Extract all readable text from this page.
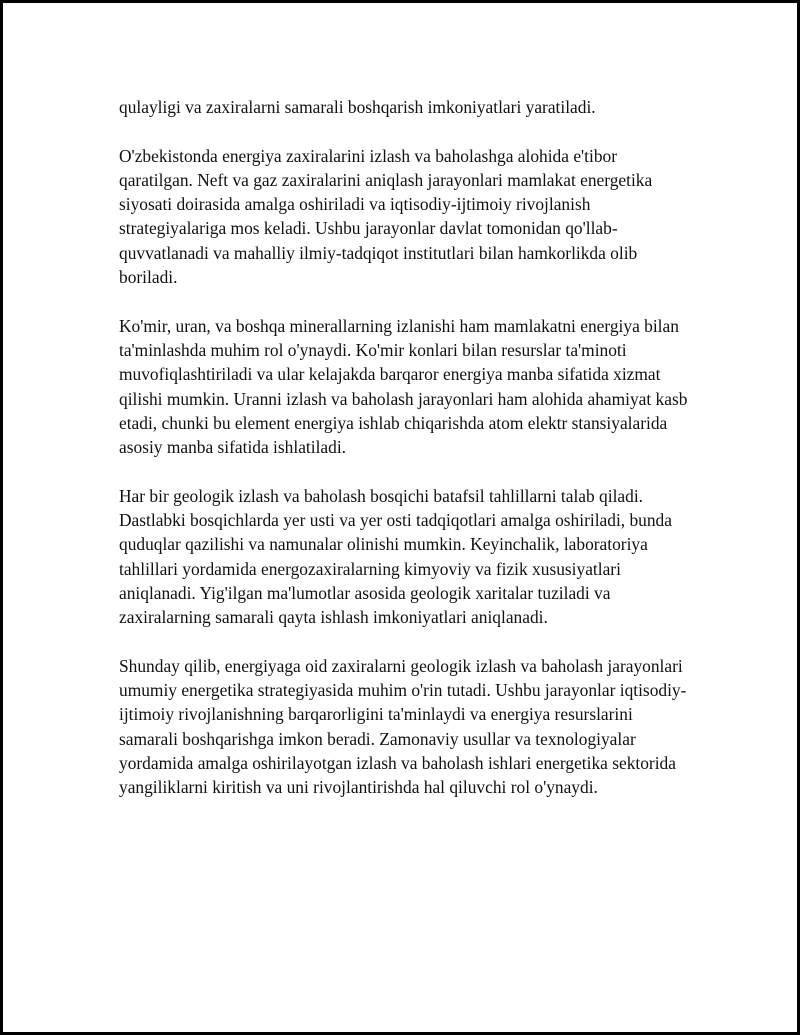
qulayligi va zaxiralarni samarali boshqarish imkoniyatlari yaratiladi.

O'zbekistonda energiya zaxiralarini izlash va baholashga alohida e'tibor qaratilgan. Neft va gaz zaxiralarini aniqlash jarayonlari mamlakat energetika siyosati doirasida amalga oshiriladi va iqtisodiy-ijtimoiy rivojlanish strategiyalariga mos keladi. Ushbu jarayonlar davlat tomonidan qo'llab-quvvatlanadi va mahalliy ilmiy-tadqiqot institutlari bilan hamkorlikda olib boriladi.

Ko'mir, uran, va boshqa minerallarning izlanishi ham mamlakatni energiya bilan ta'minlashda muhim rol o'ynaydi. Ko'mir konlari bilan resurslar ta'minoti muvofiqlashtiriladi va ular kelajakda barqaror energiya manba sifatida xizmat qilishi mumkin. Uranni izlash va baholash jarayonlari ham alohida ahamiyat kasb etadi, chunki bu element energiya ishlab chiqarishda atom elektr stansiyalarida asosiy manba sifatida ishlatiladi.

Har bir geologik izlash va baholash bosqichi batafsil tahlillarni talab qiladi. Dastlabki bosqichlarda yer usti va yer osti tadqiqotlari amalga oshiriladi, bunda quduqlar qazilishi va namunalar olinishi mumkin. Keyinchalik, laboratoriya tahlillari yordamida energozaxiralarning kimyoviy va fizik xususiyatlari aniqlanadi. Yig'ilgan ma'lumotlar asosida geologik xaritalar tuziladi va zaxiralarning samarali qayta ishlash imkoniyatlari aniqlanadi.

Shunday qilib, energiyaga oid zaxiralarni geologik izlash va baholash jarayonlari umumiy energetika strategiyasida muhim o'rin tutadi. Ushbu jarayonlar iqtisodiy-ijtimoiy rivojlanishning barqarorligini ta'minlaydi va energiya resurslarini samarali boshqarishga imkon beradi. Zamonaviy usullar va texnologiyalar yordamida amalga oshirilayotgan izlash va baholash ishlari energetika sektorida yangiliklarni kiritish va uni rivojlantirishda hal qiluvchi rol o'ynaydi.
